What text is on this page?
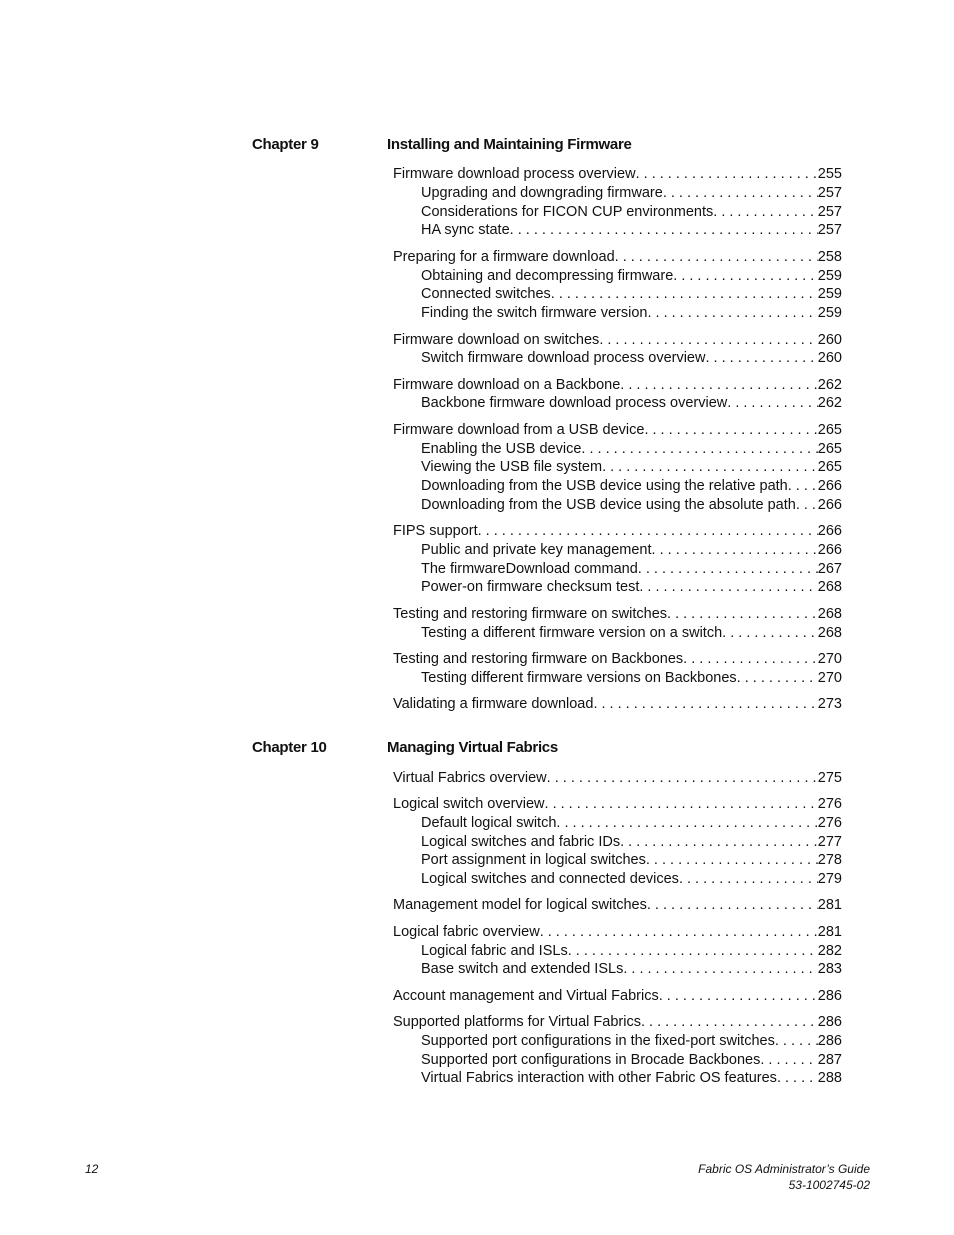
Chapter 9	Installing and Maintaining Firmware
Firmware download process overview . . .	255
Upgrading and downgrading firmware . . .	257
Considerations for FICON CUP environments . . .	257
HA sync state . . .	257
Preparing for a firmware download . . .	258
Obtaining and decompressing firmware . . .	259
Connected switches . . .	259
Finding the switch firmware version . . .	259
Firmware download on switches . . .	260
Switch firmware download process overview . . .	260
Firmware download on a Backbone . . .	262
Backbone firmware download process overview . . .	262
Firmware download from a USB device . . .	265
Enabling the USB device . . .	265
Viewing the USB file system . . .	265
Downloading from the USB device using the relative path . . . 266
Downloading from the USB device using the absolute path . . . 266
FIPS support . . .	266
Public and private key management . . .	266
The firmwareDownload command . . .	267
Power-on firmware checksum test . . .	268
Testing and restoring firmware on switches . . .	268
Testing a different firmware version on a switch . . .	268
Testing and restoring firmware on Backbones . . .	270
Testing different firmware versions on Backbones . . .	270
Validating a firmware download . . .	273
Chapter 10	Managing Virtual Fabrics
Virtual Fabrics overview . . .	275
Logical switch overview . . .	276
Default logical switch . . .	276
Logical switches and fabric IDs . . .	277
Port assignment in logical switches . . .	278
Logical switches and connected devices . . .	279
Management model for logical switches . . .	281
Logical fabric overview . . .	281
Logical fabric and ISLs . . .	282
Base switch and extended ISLs . . .	283
Account management and Virtual Fabrics . . .	286
Supported platforms for Virtual Fabrics . . .	286
Supported port configurations in the fixed-port switches . . .	286
Supported port configurations in Brocade Backbones . . .	287
Virtual Fabrics interaction with other Fabric OS features . . .	288
12	Fabric OS Administrator’s Guide
53-1002745-02
